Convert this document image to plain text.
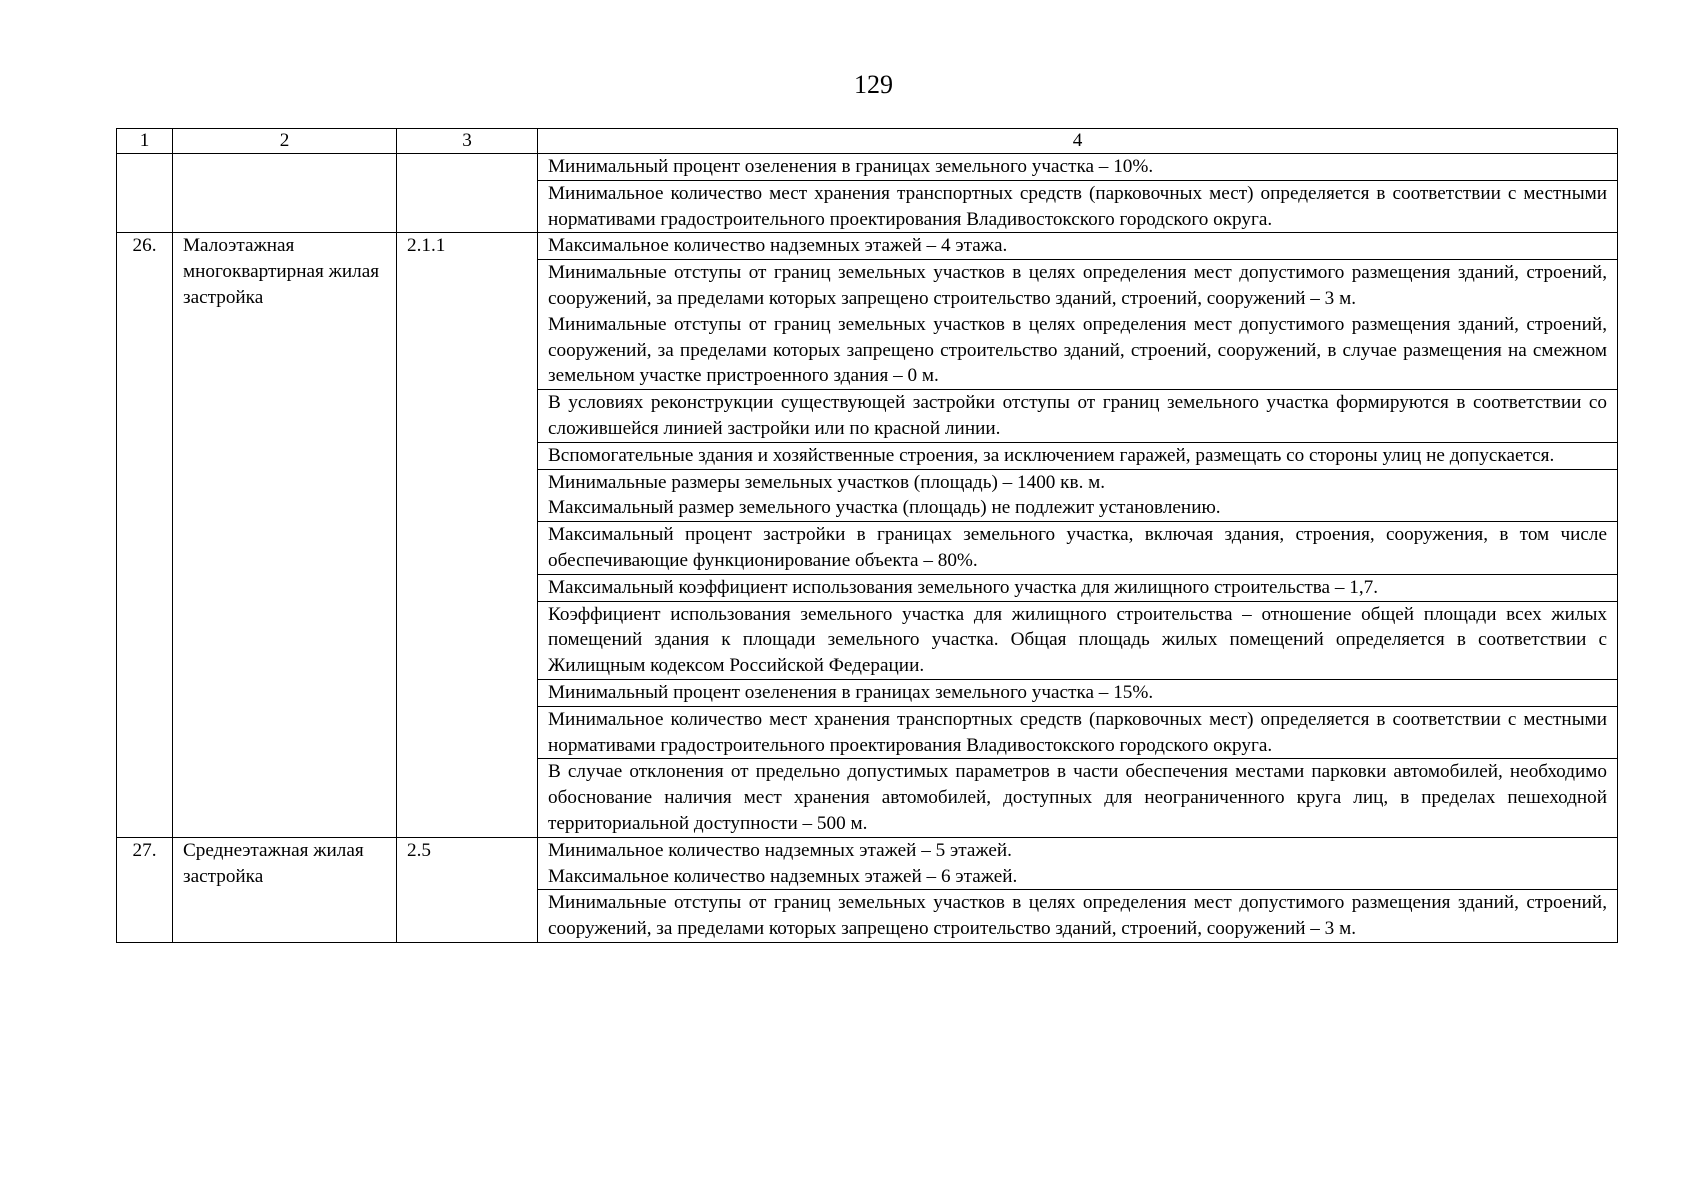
129
1	2	3	4

			Минимальный процент озеленения в границах земельного участка – 10%.

			Минимальное количество мест хранения транспортных средств (парковочных мест) определяется в соответствии с местными нормативами градостроительного проектирования Владивостокского городского округа.

26.	Малоэтажная многоквартирная жилая застройка	2.1.1	Максимальное количество надземных этажей – 4 этажа.

			Минимальные отступы от границ земельных участков в целях определения мест допустимого размещения зданий, строений, сооружений, за пределами которых запрещено строительство зданий, строений, сооружений – 3 м.
Минимальные отступы от границ земельных участков в целях определения мест допустимого размещения зданий, строений, сооружений, за пределами которых запрещено строительство зданий, строений, сооружений, в случае размещения на смежном земельном участке пристроенного здания – 0 м.

			В условиях реконструкции существующей застройки отступы от границ земельного участка формируются в соответствии со сложившейся линией застройки или по красной линии.

			Вспомогательные здания и хозяйственные строения, за исключением гаражей, размещать со стороны улиц не допускается.

			Минимальные размеры земельных участков (площадь) – 1400 кв. м.
Максимальный размер земельного участка (площадь) не подлежит установлению.

			Максимальный процент застройки в границах земельного участка, включая здания, строения, сооружения, в том числе обеспечивающие функционирование объекта – 80%.

			Максимальный коэффициент использования земельного участка для жилищного строительства – 1,7.

			Коэффициент использования земельного участка для жилищного строительства – отношение общей площади всех жилых помещений здания к площади земельного участка. Общая площадь жилых помещений определяется в соответствии с Жилищным кодексом Российской Федерации.

			Минимальный процент озеленения в границах земельного участка – 15%.

			Минимальное количество мест хранения транспортных средств (парковочных мест) определяется в соответствии с местными нормативами градостроительного проектирования Владивостокского городского округа.

			В случае отклонения от предельно допустимых параметров в части обеспечения местами парковки автомобилей, необходимо обоснование наличия мест хранения автомобилей, доступных для неограниченного круга лиц, в пределах пешеходной территориальной доступности – 500 м.

27.	Среднеэтажная жилая застройка	2.5	Минимальное количество надземных этажей – 5 этажей.
Максимальное количество надземных этажей – 6 этажей.

			Минимальные отступы от границ земельных участков в целях определения мест допустимого размещения зданий, строений, сооружений, за пределами которых запрещено строительство зданий, строений, сооружений – 3 м.
